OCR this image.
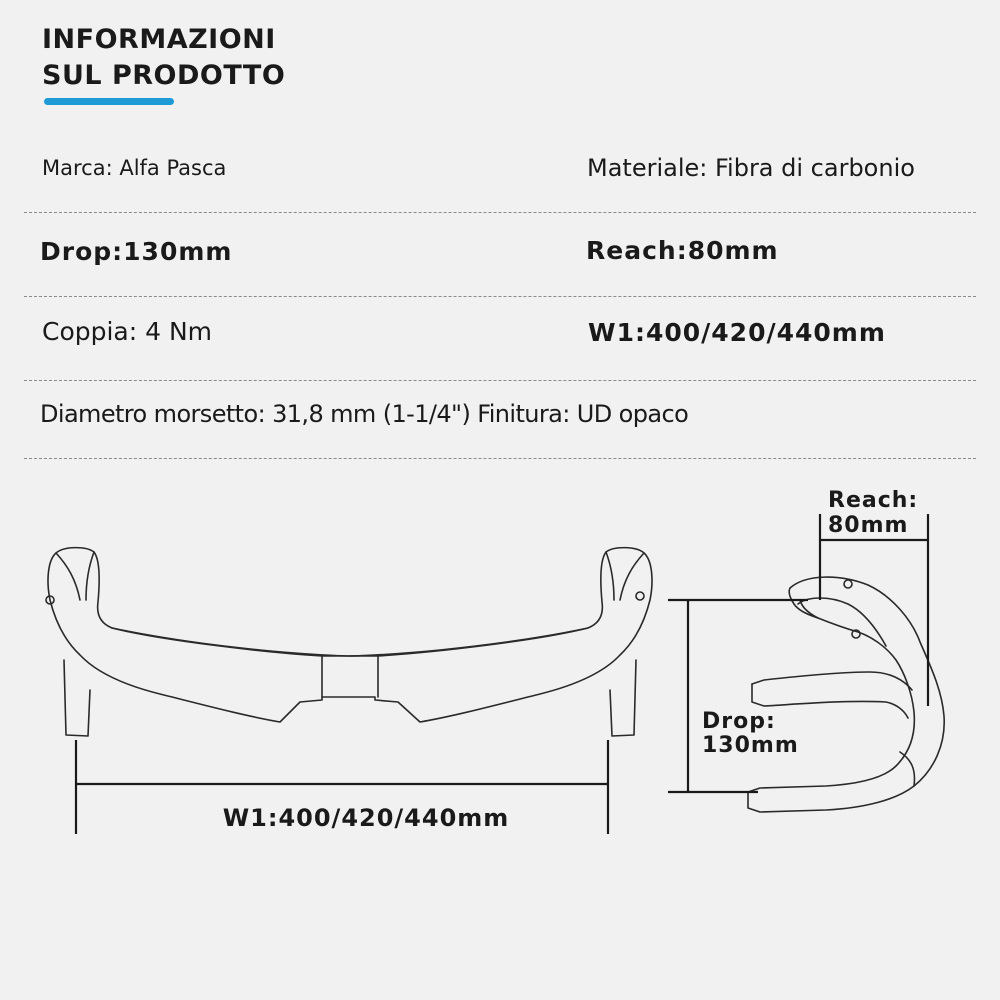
INFORMAZIONI
SUL PRODOTTO
Marca: Alfa Pasca	Materiale: Fibra di carbonio
Drop:130mm	Reach:80mm
Coppia: 4 Nm	W1:400/420/440mm
Diametro morsetto: 31,8 mm (1-1/4") Finitura: UD opaco
W1:400/420/440mm
Reach:
80mm
Drop:
130mm
